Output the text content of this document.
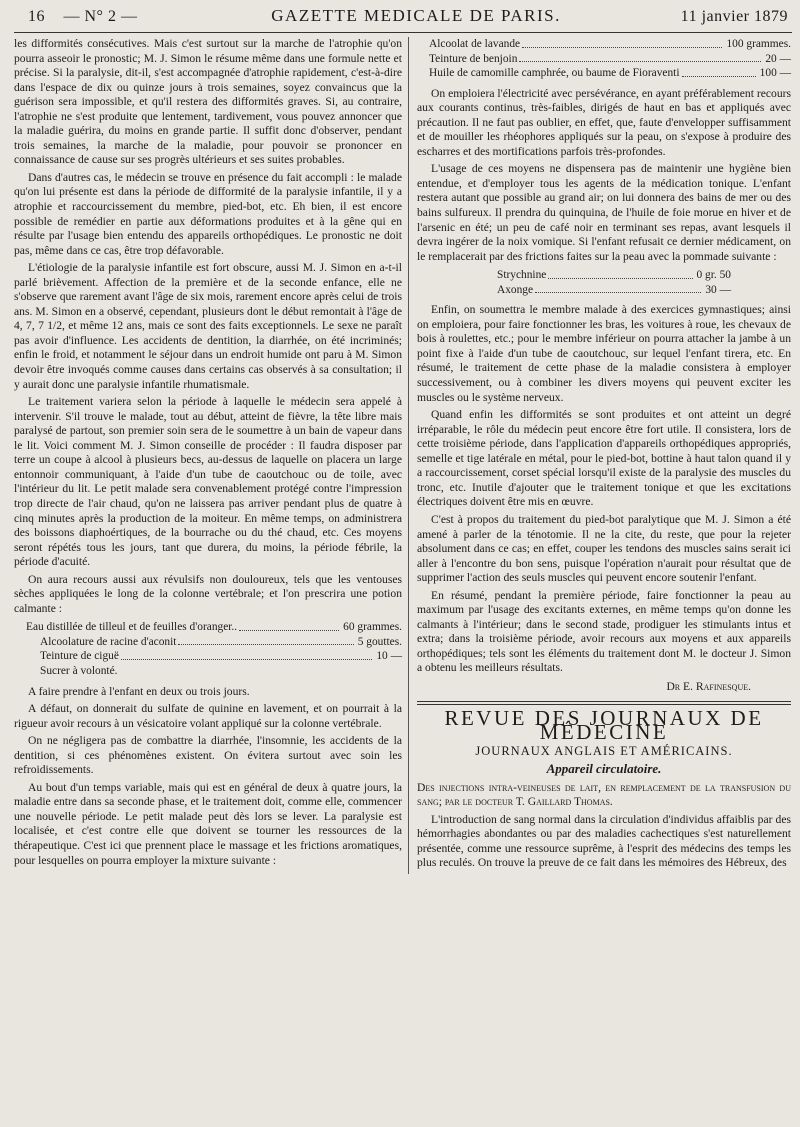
16 — N° 2 —	GAZETTE MEDICALE DE PARIS.	11 janvier 1879

les difformités consécutives. Mais c'est surtout sur la marche de l'atrophie qu'on pourra asseoir le pronostic; M. J. Simon le résume même dans une formule nette et précise. Si la paralysie, dit-il, s'est accompagnée d'atrophie rapidement, c'est-à-dire dans l'espace de dix ou quinze jours à trois semaines, soyez convaincus que la guérison sera impossible, et qu'il restera des difformités graves. Si, au contraire, l'atrophie ne s'est produite que lentement, tardivement, vous pouvez annoncer que la maladie guérira, du moins en grande partie. Il suffit donc d'observer, pendant trois semaines, la marche de la maladie, pour pouvoir se prononcer en connaissance de cause sur ses progrès ultérieurs et ses suites probables.

Dans d'autres cas, le médecin se trouve en présence du fait accompli : le malade qu'on lui présente est dans la période de difformité de la paralysie infantile, il y a atrophie et raccourcissement du membre, pied-bot, etc. Eh bien, il est encore possible de remédier en partie aux déformations produites et à la gêne qui en résulte par l'usage bien entendu des appareils orthopédiques. Le pronostic ne doit pas, même dans ce cas, être trop défavorable.

L'étiologie de la paralysie infantile est fort obscure, aussi M. J. Simon en a-t-il parlé brièvement. Affection de la première et de la seconde enfance, elle ne s'observe que rarement avant l'âge de six mois, rarement encore après celui de trois ans. M. Simon en a observé, cependant, plusieurs dont le début remontait à l'âge de 4, 7, 7 1/2, et même 12 ans, mais ce sont des faits exceptionnels. Le sexe ne paraît pas avoir d'influence. Les accidents de dentition, la diarrhée, on été incriminés; enfin le froid, et notamment le séjour dans un endroit humide ont paru à M. Simon devoir être invoqués comme causes dans certains cas observés à sa consultation; il y aurait donc une paralysie infantile rhumatismale.

Le traitement variera selon la période à laquelle le médecin sera appelé à intervenir. S'il trouve le malade, tout au début, atteint de fièvre, la tête libre mais paralysé de partout, son premier soin sera de le soumettre à un bain de vapeur dans le lit. Voici comment M. J. Simon conseille de procéder : Il faudra disposer par terre un coupe à alcool à plusieurs becs, au-dessus de laquelle on placera un large entonnoir communiquant, à l'aide d'un tube de caoutchouc ou de toile, avec l'intérieur du lit. Le petit malade sera convenablement protégé contre l'impression trop directe de l'air chaud, qu'on ne laissera pas arriver pendant plus de quatre à cinq minutes après la production de la moiteur. En même temps, on administrera des boissons diaphoértiques, de la bourrache ou du thé chaud, etc. Ces moyens seront répétés tous les jours, tant que durera, du moins, la période fébrile, la période d'acuité.

On aura recours aussi aux révulsifs non douloureux, tels que les ventouses sèches appliquées le long de la colonne vertébrale; et l'on prescrira une potion calmante :

Eau distillée de tilleul et de feuilles d'oranger..	60 grammes.
Alcoolature de racine d'aconit	5 gouttes.
Teinture de ciguë	10 —
Sucrer à volonté.

A faire prendre à l'enfant en deux ou trois jours.

A défaut, on donnerait du sulfate de quinine en lavement, et on pourrait à la rigueur avoir recours à un vésicatoire volant appliqué sur la colonne vertébrale.

On ne négligera pas de combattre la diarrhée, l'insomnie, les accidents de la dentition, si ces phénomènes existent. On évitera surtout avec soin les refroidissements.

Au bout d'un temps variable, mais qui est en général de deux à quatre jours, la maladie entre dans sa seconde phase, et le traitement doit, comme elle, commencer une nouvelle période. Le petit malade peut dès lors se lever. La paralysie est localisée, et c'est contre elle que doivent se tourner les ressources de la thérapeutique. C'est ici que prennent place le massage et les frictions aromatiques, pour lesquelles on pourra employer la mixture suivante :

Alcoolat de lavande	100 grammes.
Teinture de benjoin	20 —
Huile de camomille camphrée, ou baume de Fioraventi	100 —

On emploiera l'électricité avec persévérance, en ayant préférablement recours aux courants continus, très-faibles, dirigés de haut en bas et appliqués avec précaution. Il ne faut pas oublier, en effet, que, faute d'envelopper suffisamment et de mouiller les rhéophores appliqués sur la peau, on s'expose à produire des escharres et des mortifications parfois très-profondes.

L'usage de ces moyens ne dispensera pas de maintenir une hygiène bien entendue, et d'employer tous les agents de la médication tonique. L'enfant restera autant que possible au grand air; on lui donnera des bains de mer ou des bains sulfureux. Il prendra du quinquina, de l'huile de foie morue en hiver et de l'arsenic en été; un peu de café noir en terminant ses repas, avant lesquels il devra ingérer de la noix vomique. Si l'enfant refusait ce dernier médicament, on le remplacerait par des frictions faites sur la peau avec la pommade suivante :

Strychnine	0 gr. 50
Axonge	30 —

Enfin, on soumettra le membre malade à des exercices gymnastiques; ainsi on emploiera, pour faire fonctionner les bras, les voitures à roue, les chevaux de bois à roulettes, etc.; pour le membre inférieur on pourra attacher la jambe à un point fixe à l'aide d'un tube de caoutchouc, sur lequel l'enfant tirera, etc. En résumé, le traitement de cette phase de la maladie consistera à employer successivement, ou à combiner les divers moyens qui peuvent exciter les muscles ou le système nerveux.

Quand enfin les difformités se sont produites et ont atteint un degré irréparable, le rôle du médecin peut encore être fort utile. Il consistera, lors de cette troisième période, dans l'application d'appareils orthopédiques appropriés, semelle et tige latérale en métal, pour le pied-bot, bottine à haut talon quand il y a raccourcissement, corset spécial lorsqu'il existe de la paralysie des muscles du tronc, etc. Inutile d'ajouter que le traitement tonique et que les excitations électriques doivent être mis en œuvre.

C'est à propos du traitement du pied-bot paralytique que M. J. Simon a été amené à parler de la ténotomie. Il ne la cite, du reste, que pour la rejeter absolument dans ce cas; en effet, couper les tendons des muscles sains serait ici aller à l'encontre du bon sens, puisque l'opération n'aurait pour résultat que de supprimer l'action des seuls muscles qui peuvent encore soutenir l'enfant.

En résumé, pendant la première période, faire fonctionner la peau au maximum par l'usage des excitants externes, en même temps qu'on donne les calmants à l'intérieur; dans le second stade, prodiguer les stimulants intus et extra; dans la troisième période, avoir recours aux moyens et aux appareils orthopédiques; tels sont les éléments du traitement dont M. le docteur J. Simon a obtenu les meilleurs résultats.

Dr E. Rafinesque.
REVUE DES JOURNAUX DE MÉDECINE
JOURNAUX ANGLAIS ET AMÉRICAINS.
Appareil circulatoire.

Des injections intra-veineuses de lait, en remplacement de la transfusion du sang; par le docteur T. Gaillard Thomas.

L'introduction de sang normal dans la circulation d'individus affaiblis par des hémorrhagies abondantes ou par des maladies cachectiques s'est naturellement présentée, comme une ressource suprême, à l'esprit des médecins des temps les plus reculés. On trouve la preuve de ce fait dans les mémoires des Hébreux, des
